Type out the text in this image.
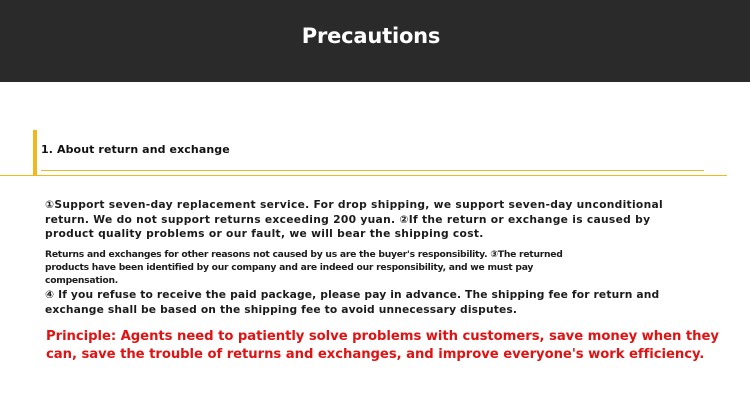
Precautions
1. About return and exchange

①Support seven-day replacement service. For drop shipping, we support seven-day unconditional return. We do not support returns exceeding 200 yuan. ②If the return or exchange is caused by product quality problems or our fault, we will bear the shipping cost.

Returns and exchanges for other reasons not caused by us are the buyer's responsibility. ③The returned products have been identified by our company and are indeed our responsibility, and we must pay compensation.

④ If you refuse to receive the paid package, please pay in advance. The shipping fee for return and exchange shall be based on the shipping fee to avoid unnecessary disputes.

Principle: Agents need to patiently solve problems with customers, save money when they can, save the trouble of returns and exchanges, and improve everyone's work efficiency.
